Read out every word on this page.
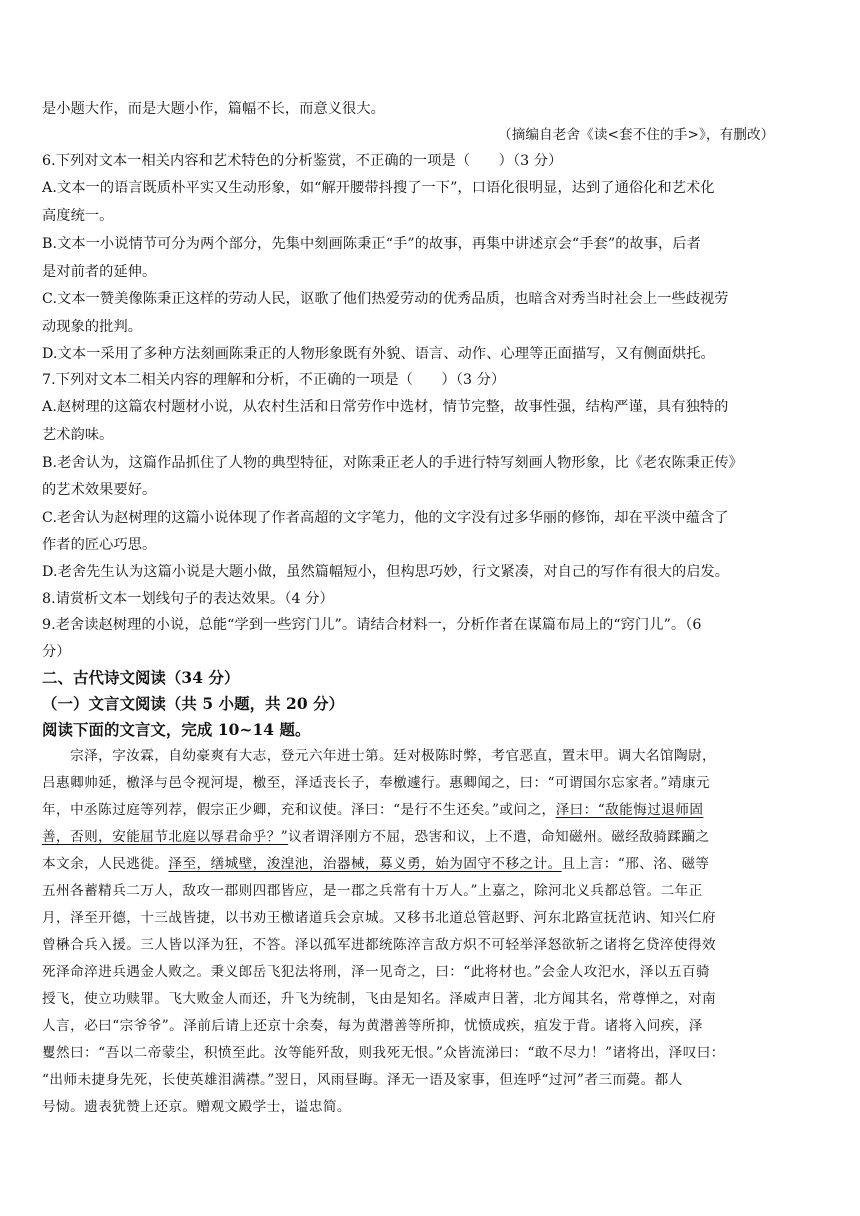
是小题大作，而是大题小作，篇幅不长，而意义很大。
（摘编自老舍《读<套不住的手>》，有删改）
6.下列对文本一相关内容和艺术特色的分析鉴赏，不正确的一项是（　　）（3 分）
A.文本一的语言既质朴平实又生动形象，如“解开腰带抖搜了一下”，口语化很明显，达到了通俗化和艺术化
高度统一。
B.文本一小说情节可分为两个部分，先集中刻画陈秉正“手”的故事，再集中讲述京会“手套”的故事，后者
是对前者的延伸。
C.文本一赞美像陈秉正这样的劳动人民，讴歌了他们热爱劳动的优秀品质，也暗含对秀当时社会上一些歧视劳
动现象的批判。
D.文本一采用了多种方法刻画陈秉正的人物形象既有外貌、语言、动作、心理等正面描写，又有侧面烘托。
7.下列对文本二相关内容的理解和分析，不正确的一项是（　　）（3 分）
A.赵树理的这篇农村题材小说，从农村生活和日常劳作中选材，情节完整，故事性强，结构严谨，具有独特的
艺术韵味。
B.老舍认为，这篇作品抓住了人物的典型特征，对陈秉正老人的手进行特写刻画人物形象，比《老农陈秉正传》
的艺术效果要好。
C.老舍认为赵树理的这篇小说体现了作者高超的文字笔力，他的文字没有过多华丽的修饰，却在平淡中蕴含了
作者的匠心巧思。
D.老舍先生认为这篇小说是大题小做，虽然篇幅短小，但构思巧妙，行文紧凑，对自己的写作有很大的启发。
8.请赏析文本一划线句子的表达效果。（4 分）
9.老舍读赵树理的小说，总能“学到一些窍门儿”。请结合材料一，分析作者在谋篇布局上的“窍门儿”。（6
分）
二、古代诗文阅读（34 分）
（一）文言文阅读（共 5 小题，共 20 分）
阅读下面的文言文，完成 10~14 题。
　　宗泽，字汝霖，自幼豪爽有大志，登元六年进士第。廷对极陈时弊，考官恶直，置末甲。调大名馆陶尉，
吕惠卿帅延，檄泽与邑令视河堤，檄至，泽适丧长子，奉檄遽行。惠卿闻之，曰：“可谓国尔忘家者。”靖康元
年，中丞陈过庭等列荐，假宗正少卿，充和议使。泽曰：“是行不生还矣。”或问之，泽曰：“敌能悔过退师固
善，否则，安能屈节北庭以辱君命乎？”议者谓泽刚方不屈，恐害和议，上不遣，命知磁州。磁经敌骑蹂躏之
本文余，人民逃徙。泽至，缮城壁，浚湟池，治器械，募义勇，始为固守不移之计。且上言：“邢、洺、磁等
五州各蓄精兵二万人，敌攻一郡则四郡皆应，是一郡之兵常有十万人。”上嘉之，除河北义兵都总管。二年正
月，泽至开德，十三战皆捷，以书劝王檄诸道兵会京城。又移书北道总管赵野、河东北路宣抚范讷、知兴仁府
曾楙合兵入援。三人皆以泽为狂，不答。泽以孤军进都统陈淬言敌方炽不可轻举泽怒欲斩之诸将乞贷淬使得效
死泽命淬进兵遇金人败之。秉义郎岳飞犯法将刑，泽一见奇之，曰：“此将材也。”会金人攻汜水，泽以五百骑
授飞，使立功赎罪。飞大败金人而还，升飞为统制，飞由是知名。泽威声日著，北方闻其名，常尊惮之，对南
人言，必曰“宗爷爷”。泽前后请上还京十余奏，每为黄潜善等所抑，忧愤成疾，疽发于背。诸将入问疾，泽
矍然曰：“吾以二帝蒙尘，积愤至此。汝等能歼敌，则我死无恨。”众皆流涕曰：“敢不尽力！”诸将出，泽叹曰：
“出师未捷身先死，长使英雄泪满襟。”翌日，风雨昼晦。泽无一语及家事，但连呼“过河”者三而薨。都人
号恸。遗表犹赞上还京。赠观文殿学士，谥忠简。
